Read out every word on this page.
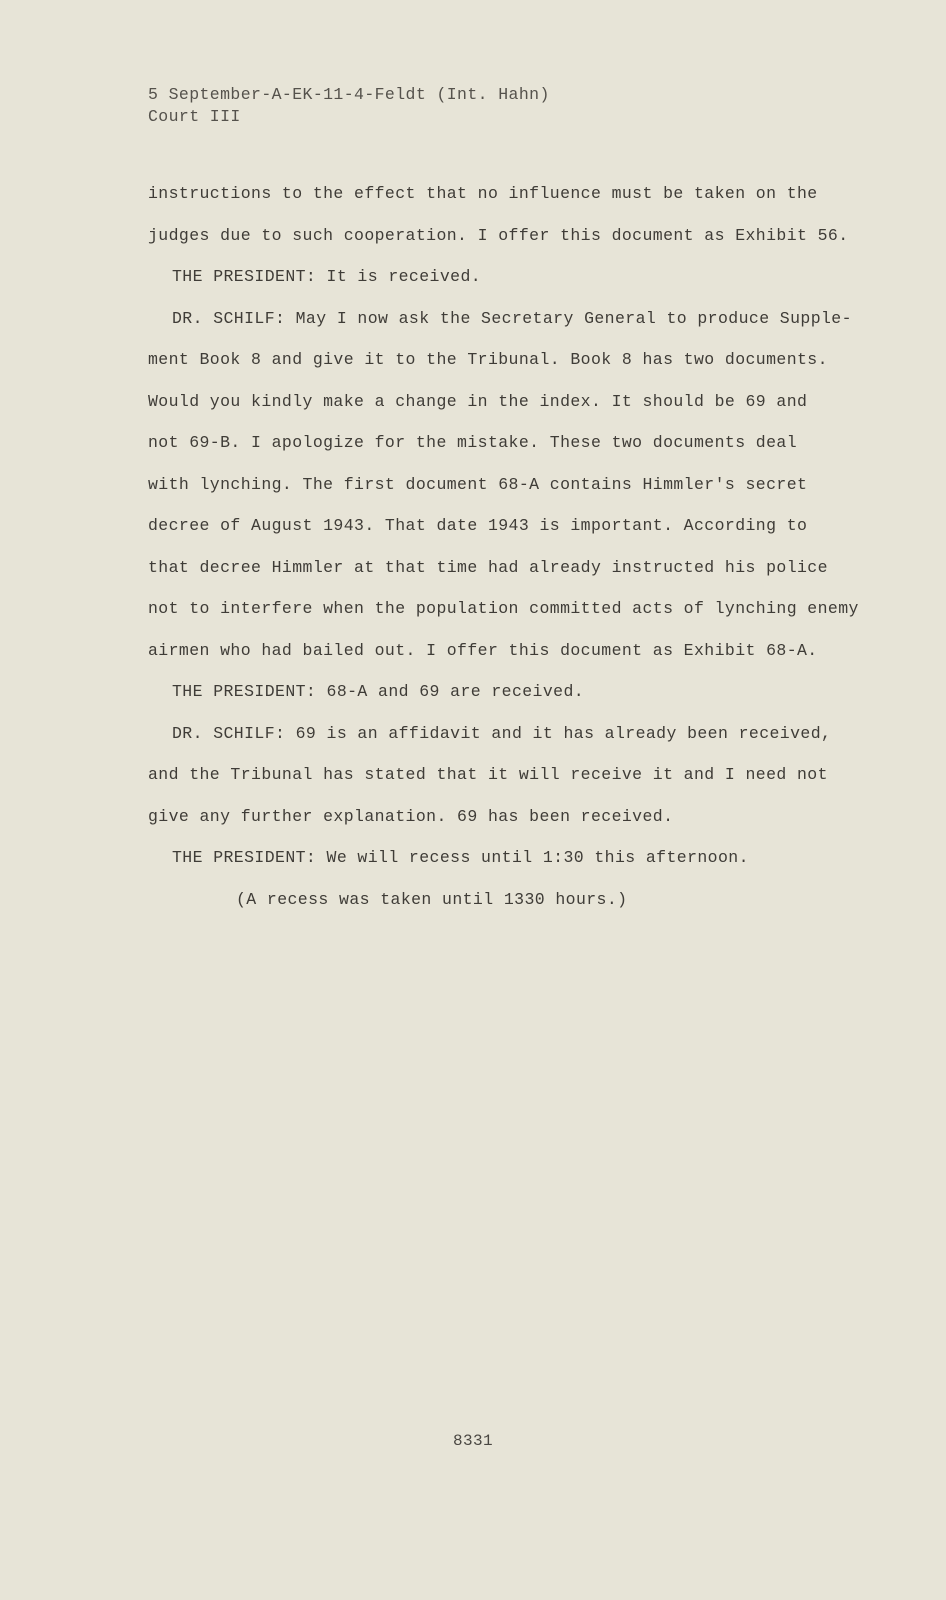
5 September-A-EK-11-4-Feldt (Int. Hahn)
Court III
instructions to the effect that no influence must be taken on the
judges due to such cooperation. I offer this document as Exhibit 56.
THE PRESIDENT: It is received.
DR. SCHILF: May I now ask the Secretary General to produce Supple-
ment Book 8 and give it to the Tribunal. Book 8 has two documents.
Would you kindly make a change in the index. It should be 69 and
not 69-B. I apologize for the mistake. These two documents deal
with lynching. The first document 68-A contains Himmler's secret
decree of August 1943. That date 1943 is important. According to
that decree Himmler at that time had already instructed his police
not to interfere when the population committed acts of lynching enemy
airmen who had bailed out. I offer this document as Exhibit 68-A.
THE PRESIDENT: 68-A and 69 are received.
DR. SCHILF: 69 is an affidavit and it has already been received,
and the Tribunal has stated that it will receive it and I need not
give any further explanation. 69 has been received.
THE PRESIDENT: We will recess until 1:30 this afternoon.
(A recess was taken until 1330 hours.)
8331
